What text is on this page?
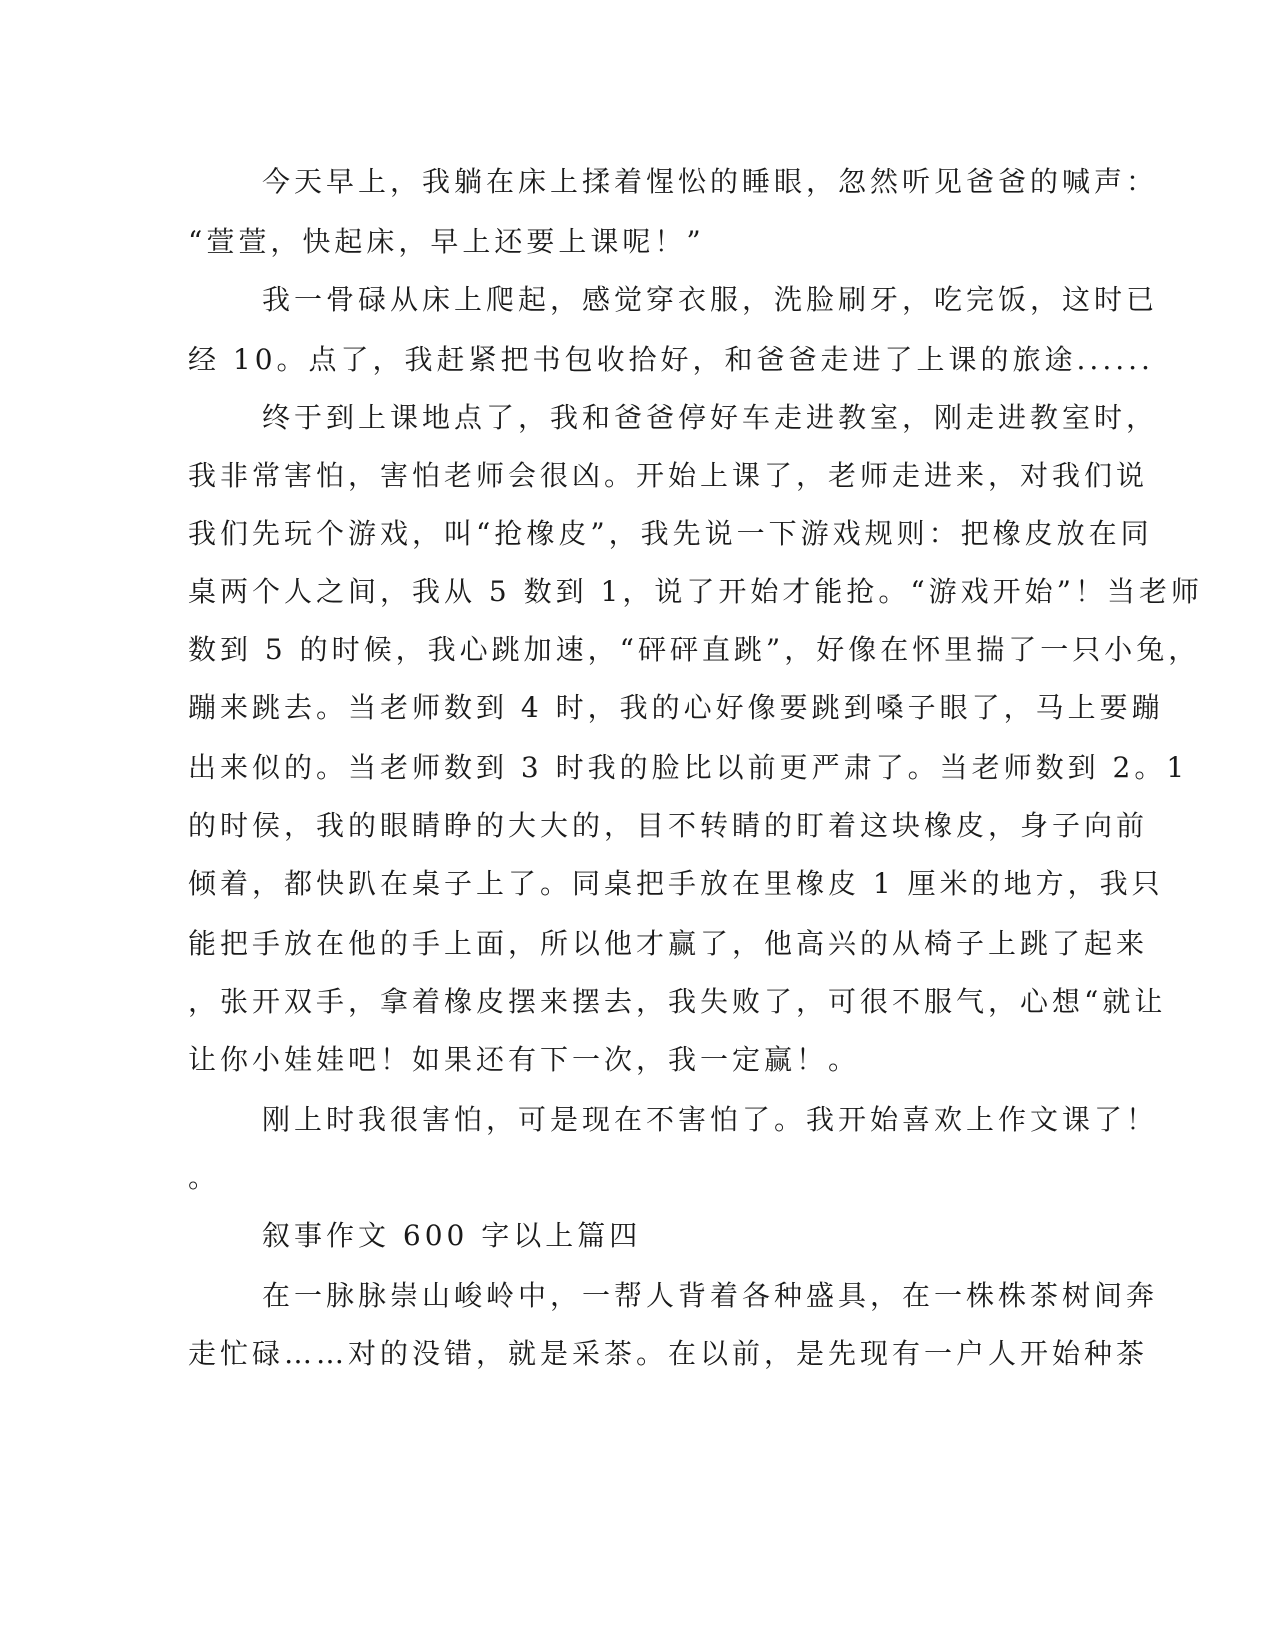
今天早上，我躺在床上揉着惺忪的睡眼，忽然听见爸爸的喊声：
“萱萱，快起床，早上还要上课呢！”
我一骨碌从床上爬起，感觉穿衣服，洗脸刷牙，吃完饭，这时已
经 10。点了，我赶紧把书包收拾好，和爸爸走进了上课的旅途......
终于到上课地点了，我和爸爸停好车走进教室，刚走进教室时，
我非常害怕，害怕老师会很凶。开始上课了，老师走进来，对我们说
我们先玩个游戏，叫“抢橡皮”，我先说一下游戏规则：把橡皮放在同
桌两个人之间，我从 5 数到 1，说了开始才能抢。“游戏开始”！当老师
数到 5 的时候，我心跳加速，“砰砰直跳”，好像在怀里揣了一只小兔，
蹦来跳去。当老师数到 4 时，我的心好像要跳到嗓子眼了，马上要蹦
出来似的。当老师数到 3 时我的脸比以前更严肃了。当老师数到 2。1
的时侯，我的眼睛睁的大大的，目不转睛的盯着这块橡皮，身子向前
倾着，都快趴在桌子上了。同桌把手放在里橡皮 1 厘米的地方，我只
能把手放在他的手上面，所以他才赢了，他高兴的从椅子上跳了起来
，张开双手，拿着橡皮摆来摆去，我失败了，可很不服气，心想“就让
让你小娃娃吧！如果还有下一次，我一定赢！。
刚上时我很害怕，可是现在不害怕了。我开始喜欢上作文课了！
。
叙事作文 600 字以上篇四
在一脉脉崇山峻岭中，一帮人背着各种盛具，在一株株茶树间奔
走忙碌……对的没错，就是采茶。在以前，是先现有一户人开始种茶
